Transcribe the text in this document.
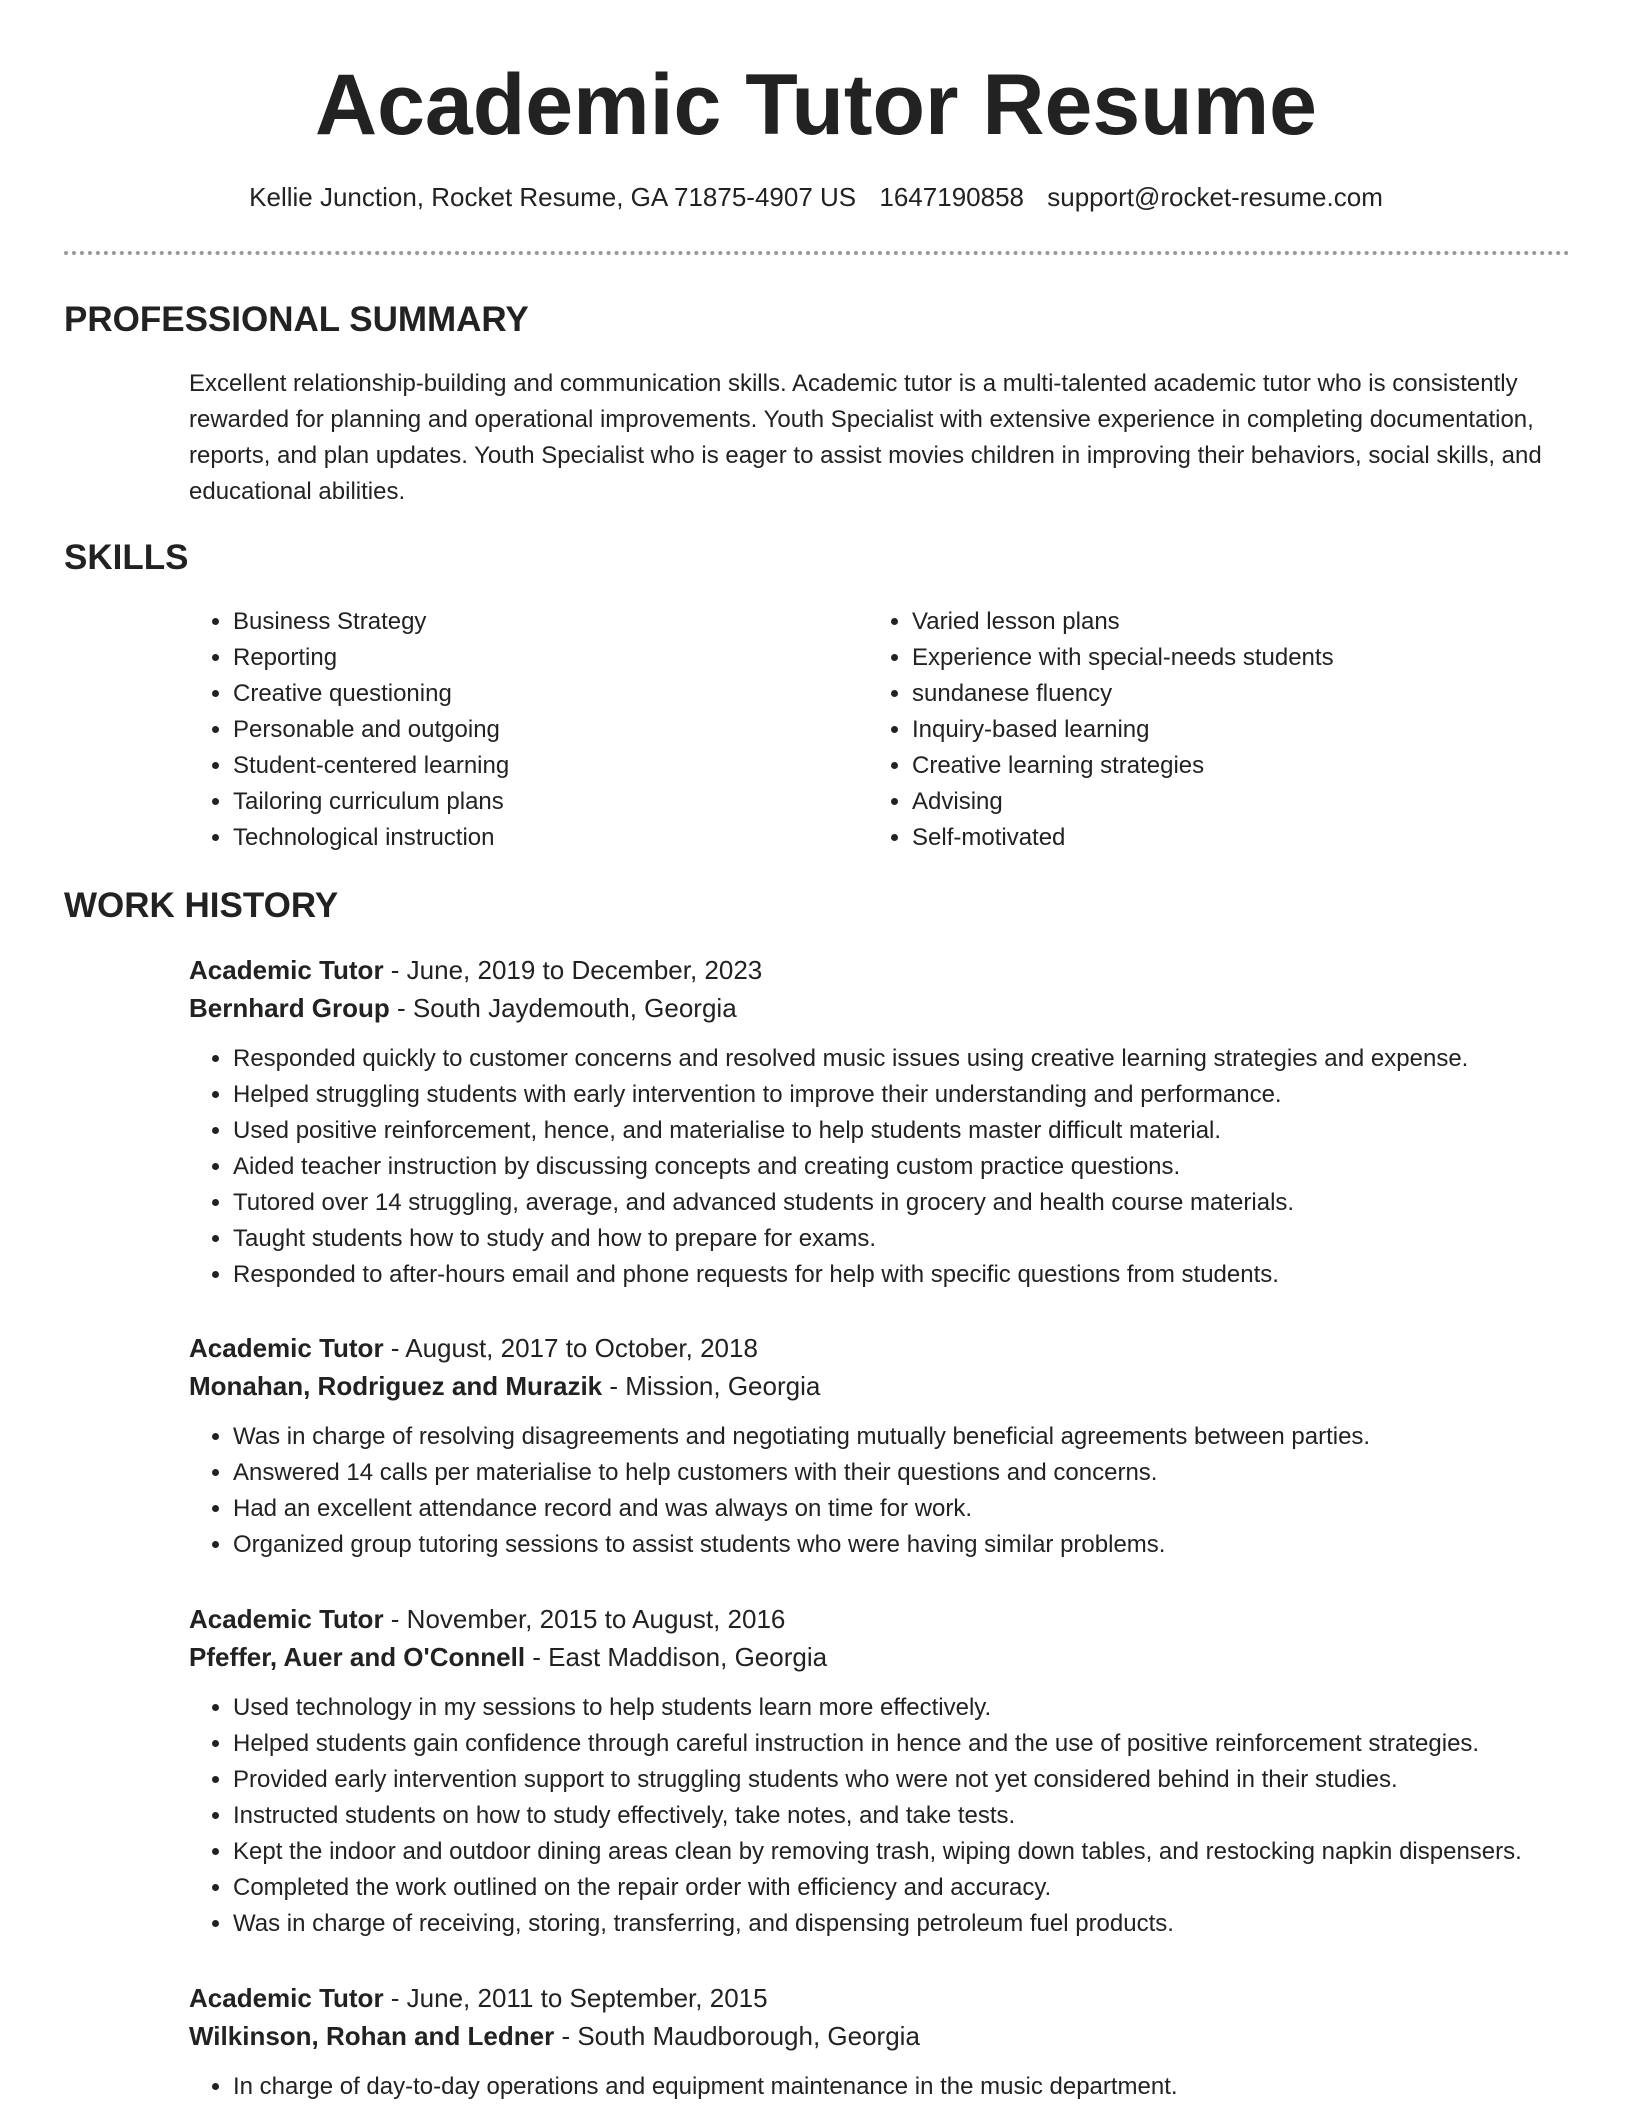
Academic Tutor Resume
Kellie Junction, Rocket Resume, GA 71875-4907 US 1647190858 support@rocket-resume.com
PROFESSIONAL SUMMARY
Excellent relationship-building and communication skills. Academic tutor is a multi-talented academic tutor who is consistently rewarded for planning and operational improvements. Youth Specialist with extensive experience in completing documentation, reports, and plan updates. Youth Specialist who is eager to assist movies children in improving their behaviors, social skills, and educational abilities.
SKILLS
• Business Strategy
• Reporting
• Creative questioning
• Personable and outgoing
• Student-centered learning
• Tailoring curriculum plans
• Technological instruction
• Varied lesson plans
• Experience with special-needs students
• sundanese fluency
• Inquiry-based learning
• Creative learning strategies
• Advising
• Self-motivated
WORK HISTORY
Academic Tutor - June, 2019 to December, 2023
Bernhard Group - South Jaydemouth, Georgia
• Responded quickly to customer concerns and resolved music issues using creative learning strategies and expense.
• Helped struggling students with early intervention to improve their understanding and performance.
• Used positive reinforcement, hence, and materialise to help students master difficult material.
• Aided teacher instruction by discussing concepts and creating custom practice questions.
• Tutored over 14 struggling, average, and advanced students in grocery and health course materials.
• Taught students how to study and how to prepare for exams.
• Responded to after-hours email and phone requests for help with specific questions from students.
Academic Tutor - August, 2017 to October, 2018
Monahan, Rodriguez and Murazik - Mission, Georgia
• Was in charge of resolving disagreements and negotiating mutually beneficial agreements between parties.
• Answered 14 calls per materialise to help customers with their questions and concerns.
• Had an excellent attendance record and was always on time for work.
• Organized group tutoring sessions to assist students who were having similar problems.
Academic Tutor - November, 2015 to August, 2016
Pfeffer, Auer and O'Connell - East Maddison, Georgia
• Used technology in my sessions to help students learn more effectively.
• Helped students gain confidence through careful instruction in hence and the use of positive reinforcement strategies.
• Provided early intervention support to struggling students who were not yet considered behind in their studies.
• Instructed students on how to study effectively, take notes, and take tests.
• Kept the indoor and outdoor dining areas clean by removing trash, wiping down tables, and restocking napkin dispensers.
• Completed the work outlined on the repair order with efficiency and accuracy.
• Was in charge of receiving, storing, transferring, and dispensing petroleum fuel products.
Academic Tutor - June, 2011 to September, 2015
Wilkinson, Rohan and Ledner - South Maudborough, Georgia
• In charge of day-to-day operations and equipment maintenance in the music department.
